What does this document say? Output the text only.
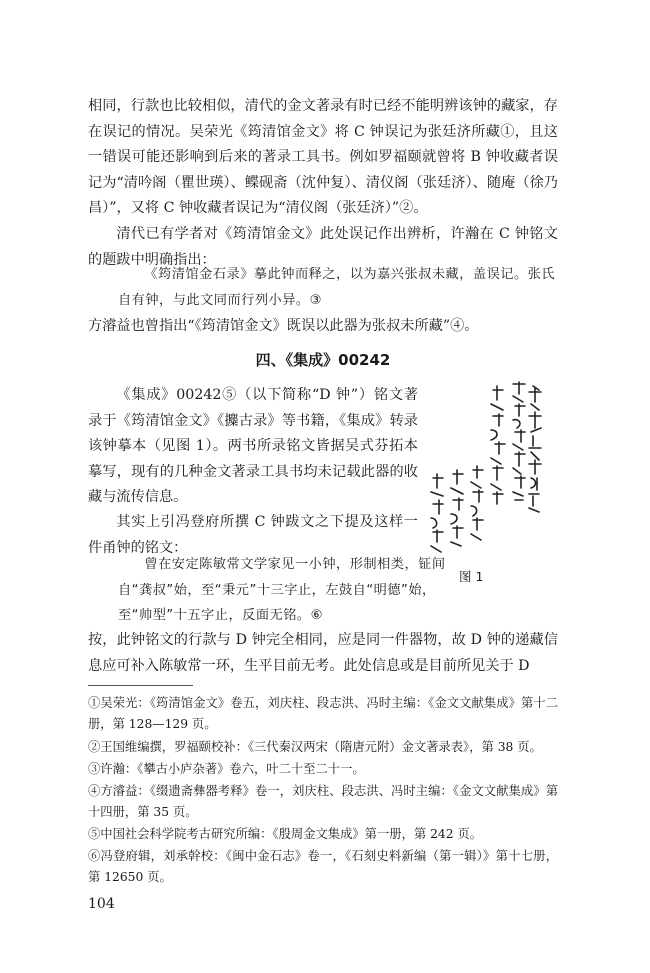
相同，行款也比较相似，清代的金文著录有时已经不能明辨该钟的藏家，存在误记的情况。吴荣光《筠清馆金文》将 C 钟误记为张廷济所藏①，且这一错误可能还影响到后来的著录工具书。例如罗福颐就曾将 B 钟收藏者误记为“清吟阁（瞿世瑛）、鲽砚斋（沈仲复）、清仪阁（张廷济）、随庵（徐乃昌）”，又将 C 钟收藏者误记为“清仪阁（张廷济）”②。

清代已有学者对《筠清馆金文》此处误记作出辨析，许瀚在 C 钟铭文的题跋中明确指出：

《筠清馆金石录》摹此钟而释之，以为嘉兴张叔未藏，盖误记。张氏自有钟，与此文同而行列小异。③

方濬益也曾指出“《筠清馆金文》既误以此器为张叔未所藏”④。

四、《集成》00242

《集成》00242⑤（以下简称“D 钟”）铭文著录于《筠清馆金文》《攗古录》等书籍，《集成》转录该钟摹本（见图 1）。两书所录铭文皆据吴式芬拓本摹写，现有的几种金文著录工具书均未记载此器的收藏与流传信息。

其实上引冯登府所撰 C 钟跋文之下提及这样一件甬钟的铭文：

曾在安定陈敏常文学家见一小钟，形制相类，钲间自“龚叔”始，至“秉元”十三字止，左鼓自“明德”始，至“帅型”十五字止，反面无铭。⑥

按，此钟铭文的行款与 D 钟完全相同，应是同一件器物，故 D 钟的递藏信息应可补入陈敏常一环，生平目前无考。此处信息或是目前所见关于 D

图 1

①吴荣光：《筠清馆金文》卷五，刘庆柱、段志洪、冯时主编：《金文文献集成》第十二册，第 128—129 页。

②王国维编撰，罗福颐校补：《三代秦汉两宋（隋唐元附）金文著录表》，第 38 页。

③许瀚：《攀古小庐杂著》卷六，叶二十至二十一。

④方濬益：《缀遗斋彝器考释》卷一，刘庆柱、段志洪、冯时主编：《金文文献集成》第十四册，第 35 页。

⑤中国社会科学院考古研究所编：《殷周金文集成》第一册，第 242 页。

⑥冯登府辑，刘承幹校：《闽中金石志》卷一，《石刻史料新编（第一辑）》第十七册，第 12650 页。

104
